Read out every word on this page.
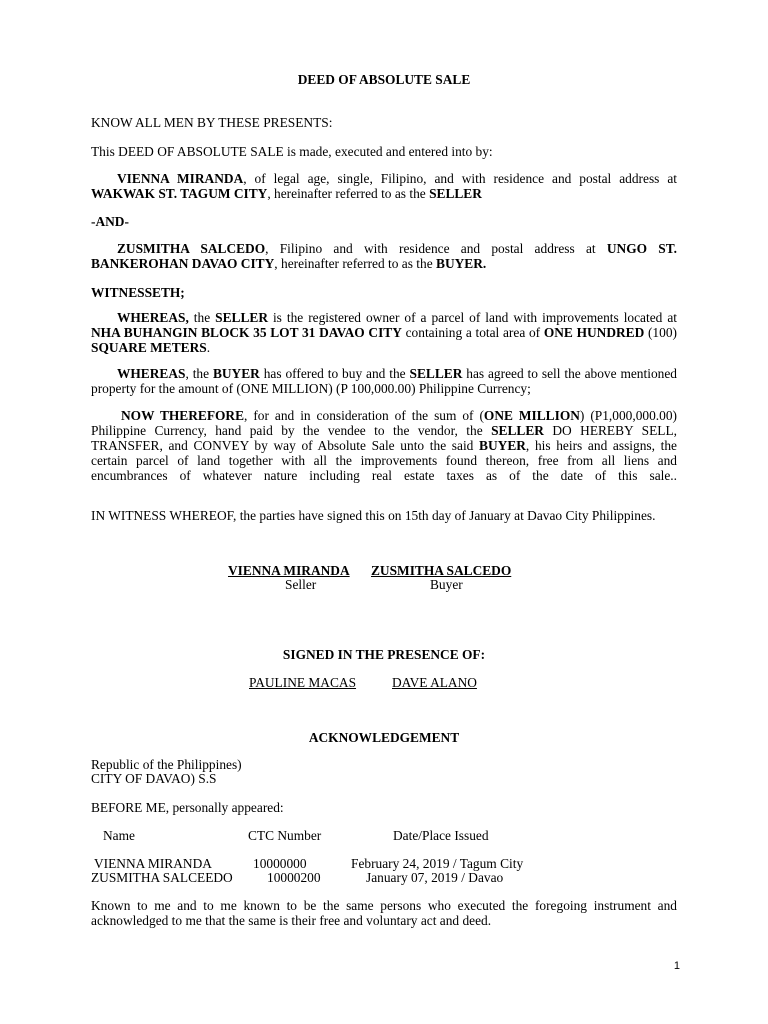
DEED OF ABSOLUTE SALE

KNOW ALL MEN BY THESE PRESENTS:

This DEED OF ABSOLUTE SALE is made, executed and entered into by:

VIENNA MIRANDA, of legal age, single, Filipino, and with residence and postal address at WAKWAK ST. TAGUM CITY, hereinafter referred to as the SELLER

-AND-

ZUSMITHA SALCEDO, Filipino and with residence and postal address at UNGO ST. BANKEROHAN DAVAO CITY, hereinafter referred to as the BUYER.

WITNESSETH;

WHEREAS, the SELLER is the registered owner of a parcel of land with improvements located at NHA BUHANGIN BLOCK 35 LOT 31 DAVAO CITY containing a total area of ONE HUNDRED (100) SQUARE METERS.

WHEREAS, the BUYER has offered to buy and the SELLER has agreed to sell the above mentioned property for the amount of (ONE MILLION) (P 100,000.00) Philippine Currency;

NOW THEREFORE, for and in consideration of the sum of (ONE MILLION) (P1,000,000.00) Philippine Currency, hand paid by the vendee to the vendor, the SELLER DO HEREBY SELL, TRANSFER, and CONVEY by way of Absolute Sale unto the said BUYER, his heirs and assigns, the certain parcel of land together with all the improvements found thereon, free from all liens and encumbrances of whatever nature including real estate taxes as of the date of this sale..

IN WITNESS WHEREOF, the parties have signed this on 15th day of January at Davao City Philippines.

VIENNA MIRANDA
Seller
ZUSMITHA SALCEDO
Buyer

SIGNED IN THE PRESENCE OF:

PAULINE MACAS	DAVE ALANO

ACKNOWLEDGEMENT

Republic of the Philippines)
CITY OF DAVAO) S.S
BEFORE ME, personally appeared:
Name	CTC Number	Date/Place Issued
VIENNA MIRANDA	10000000	February 24, 2019 / Tagum City
ZUSMITHA SALCEEDO	10000200	January 07, 2019 / Davao

Known to me and to me known to be the same persons who executed the foregoing instrument and acknowledged to me that the same is their free and voluntary act and deed.

1
